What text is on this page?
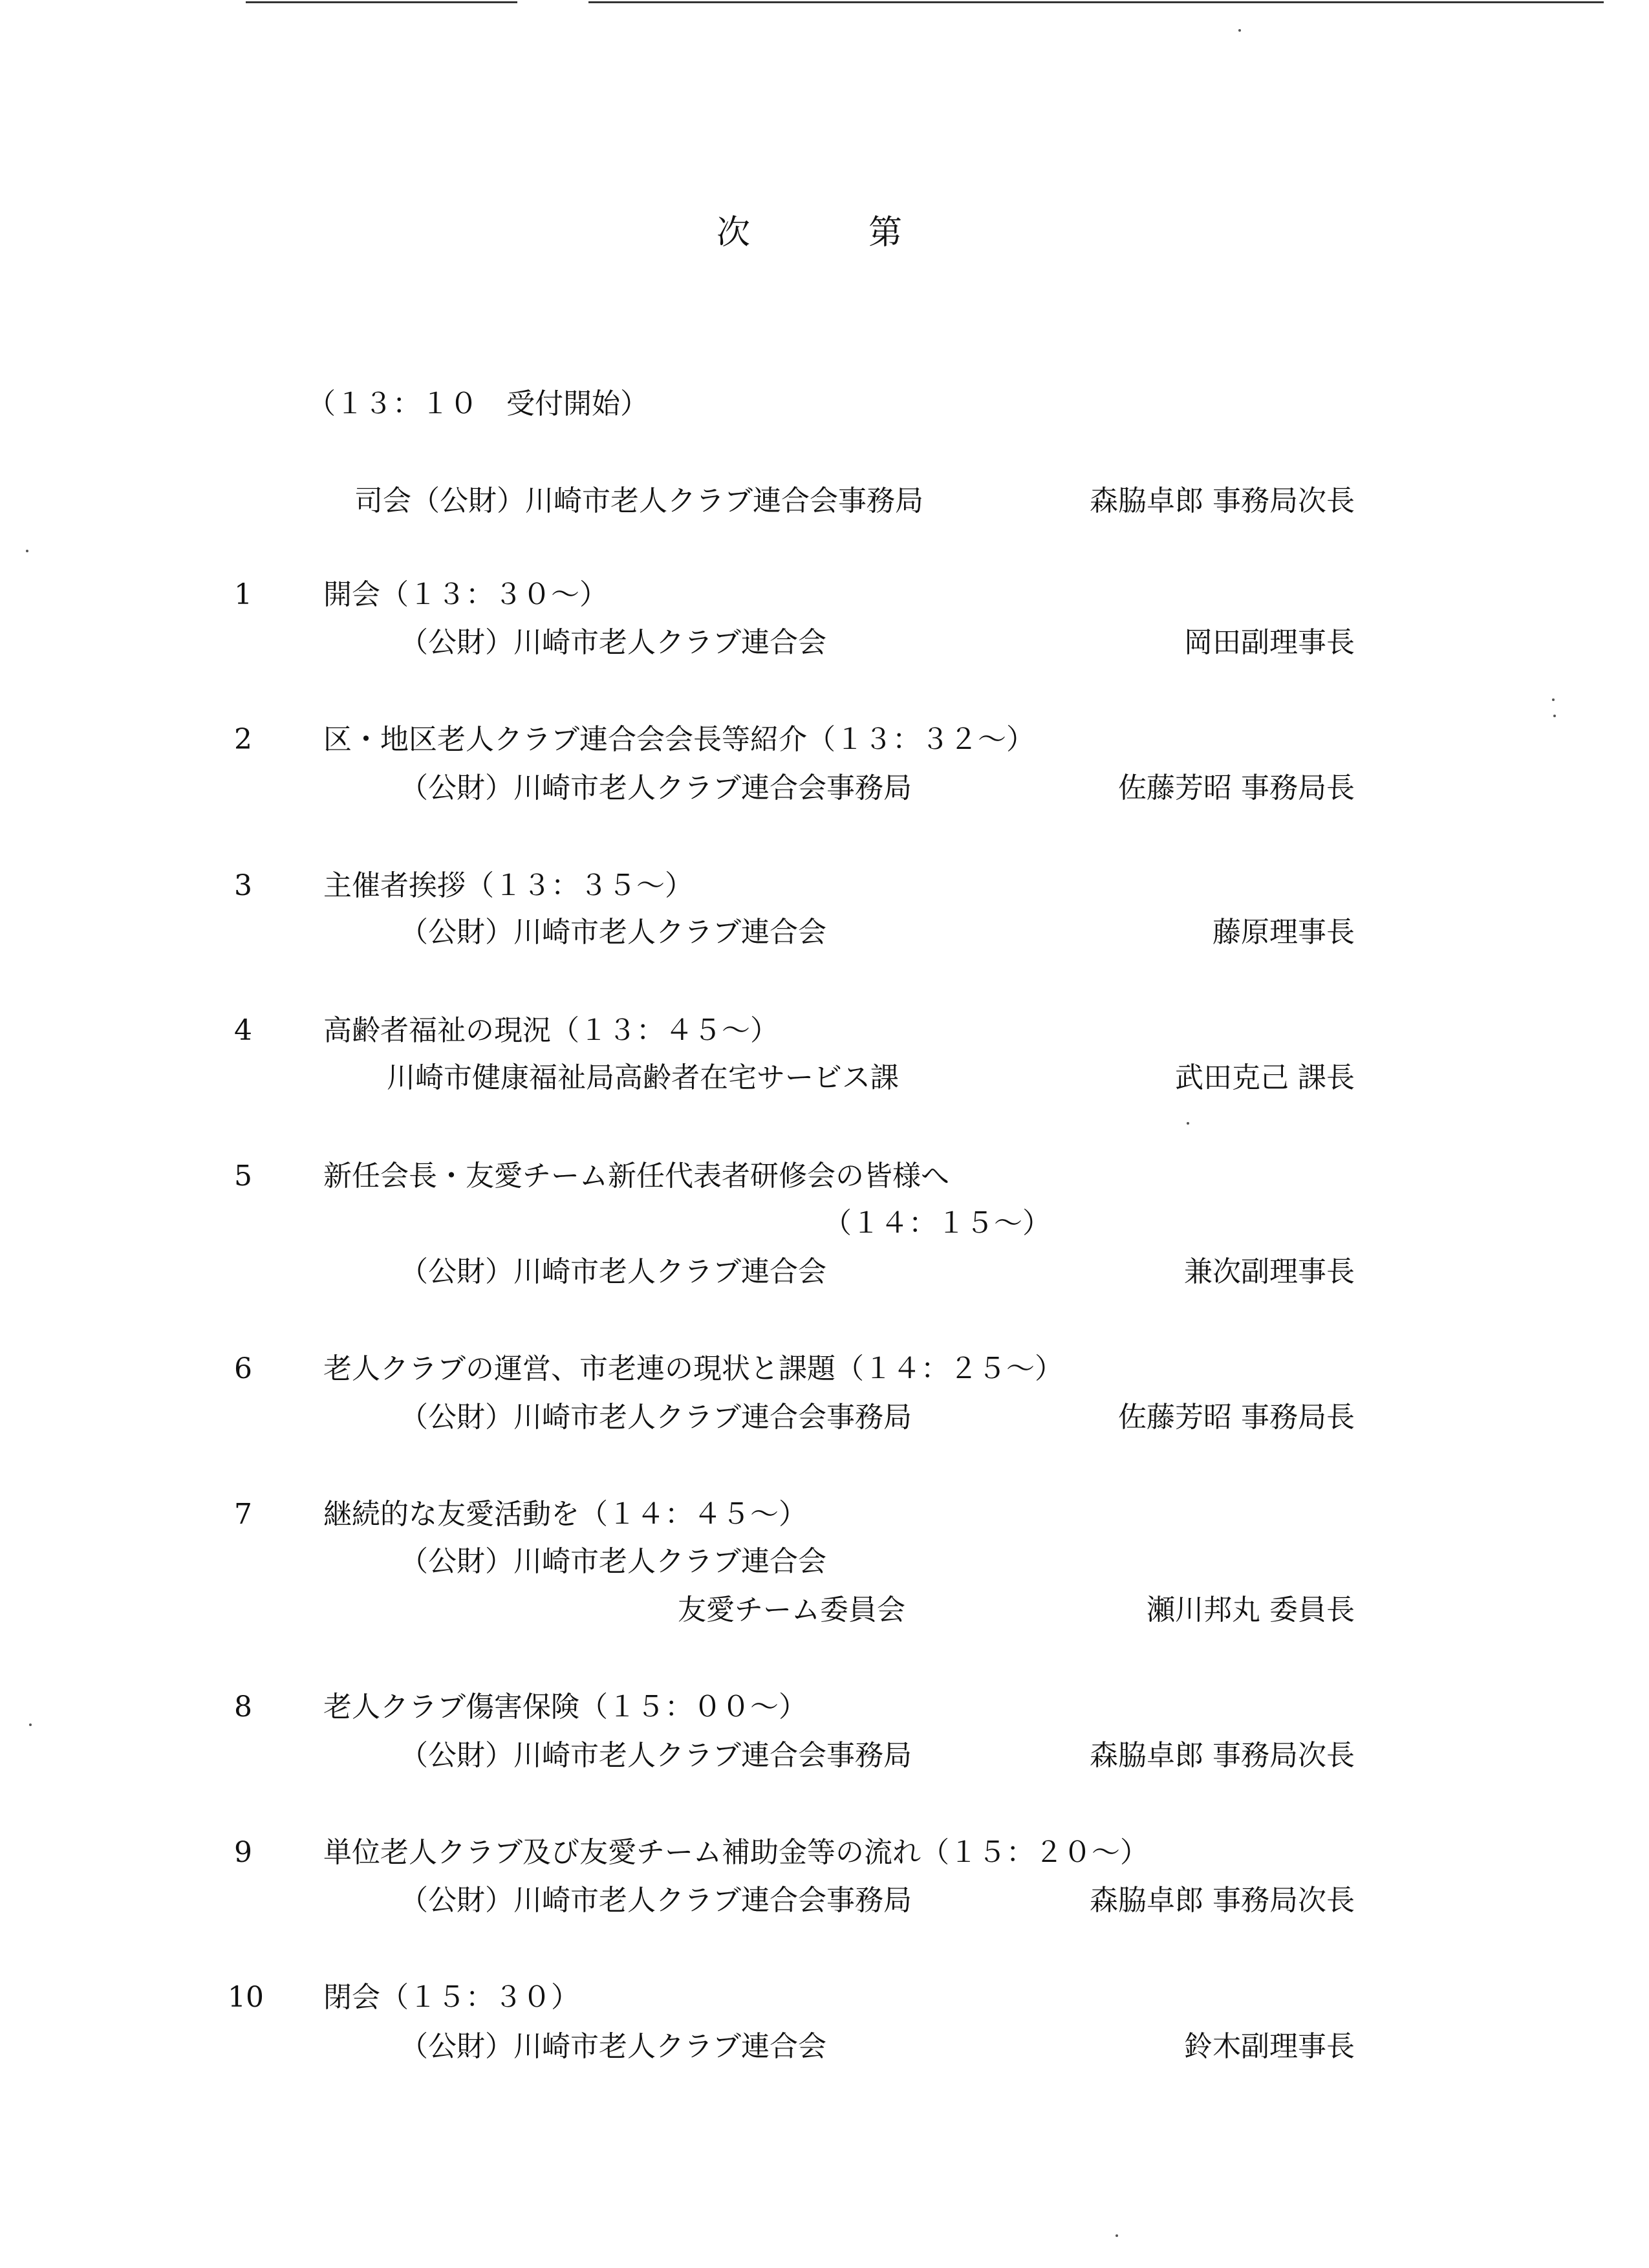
次	第
（１３：１０　受付開始）
司会（公財）川崎市老人クラブ連合会事務局	森脇卓郎 事務局次長
1	開会（１３：３０～）
（公財）川崎市老人クラブ連合会	岡田副理事長
2	区・地区老人クラブ連合会会長等紹介（１３：３２～）
（公財）川崎市老人クラブ連合会事務局	佐藤芳昭 事務局長
3	主催者挨拶（１３：３５～）
（公財）川崎市老人クラブ連合会	藤原理事長
4	高齢者福祉の現況（１３：４５～）
川崎市健康福祉局高齢者在宅サービス課	武田克己 課長
5	新任会長・友愛チーム新任代表者研修会の皆様へ
（１４：１５～）
（公財）川崎市老人クラブ連合会	兼次副理事長
6	老人クラブの運営、市老連の現状と課題（１４：２５～）
（公財）川崎市老人クラブ連合会事務局	佐藤芳昭 事務局長
7	継続的な友愛活動を（１４：４５～）
（公財）川崎市老人クラブ連合会
友愛チーム委員会	瀬川邦丸 委員長
8	老人クラブ傷害保険（１５：００～）
（公財）川崎市老人クラブ連合会事務局	森脇卓郎 事務局次長
9	単位老人クラブ及び友愛チーム補助金等の流れ（１５：２０～）
（公財）川崎市老人クラブ連合会事務局	森脇卓郎 事務局次長
10 閉会（１５：３０）
（公財）川崎市老人クラブ連合会	鈴木副理事長
